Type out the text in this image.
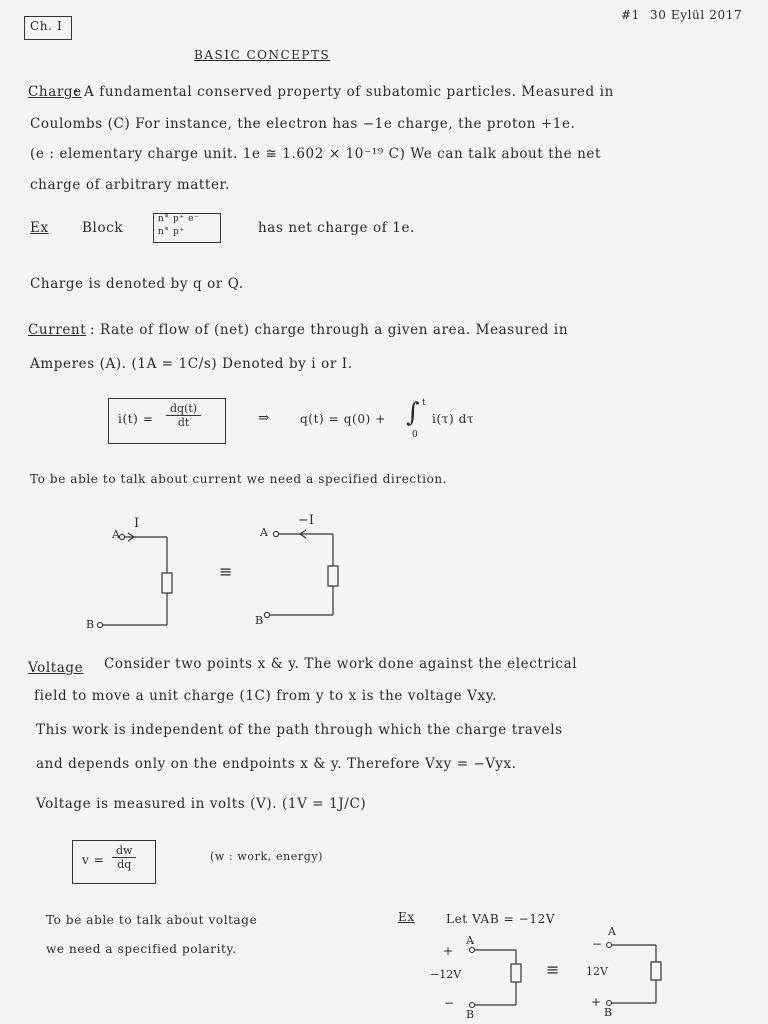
Ch. I
#1 30 Eylül 2017
BASIC CONCEPTS
Charge
: A fundamental conserved property of subatomic particles. Measured in
Coulombs (C) For instance, the electron has −1e charge, the proton +1e.
(e : elementary charge unit. 1e ≅ 1.602 × 10⁻¹⁹ C) We can talk about the net
charge of arbitrary matter.
Ex Block
n° p⁺ e⁻
n° p⁺	has net charge of 1e.
Charge is denoted by q or Q.
Current : Rate of flow of (net) charge through a given area. Measured in
Amperes (A). (1A = 1C/s) Denoted by i or I.
$i(t) = \frac{dq(t)}{dt}$	⇒	q(t) = q(0) + ∫ t
0
i(τ) dτ
To be able to talk about current we need a specified direction.
A
I
B
≡
A
−I
B
Voltage Consider two points x & y. The work done against the electrical
field to move a unit charge (1C) from y to x is the voltage Vxy.
This work is independent of the path through which the charge travels
and depends only on the endpoints x & y. Therefore Vxy = −Vyx.
Voltage is measured in volts (V). (1V = 1J/C)
$v = \frac{dw}{dq}$	(w : work, energy)
To be able to talk about voltage
we need a specified polarity.
Ex	Let VAB = −12V
A
+
−12V
−
B
≡
A
−
12V
+
B
